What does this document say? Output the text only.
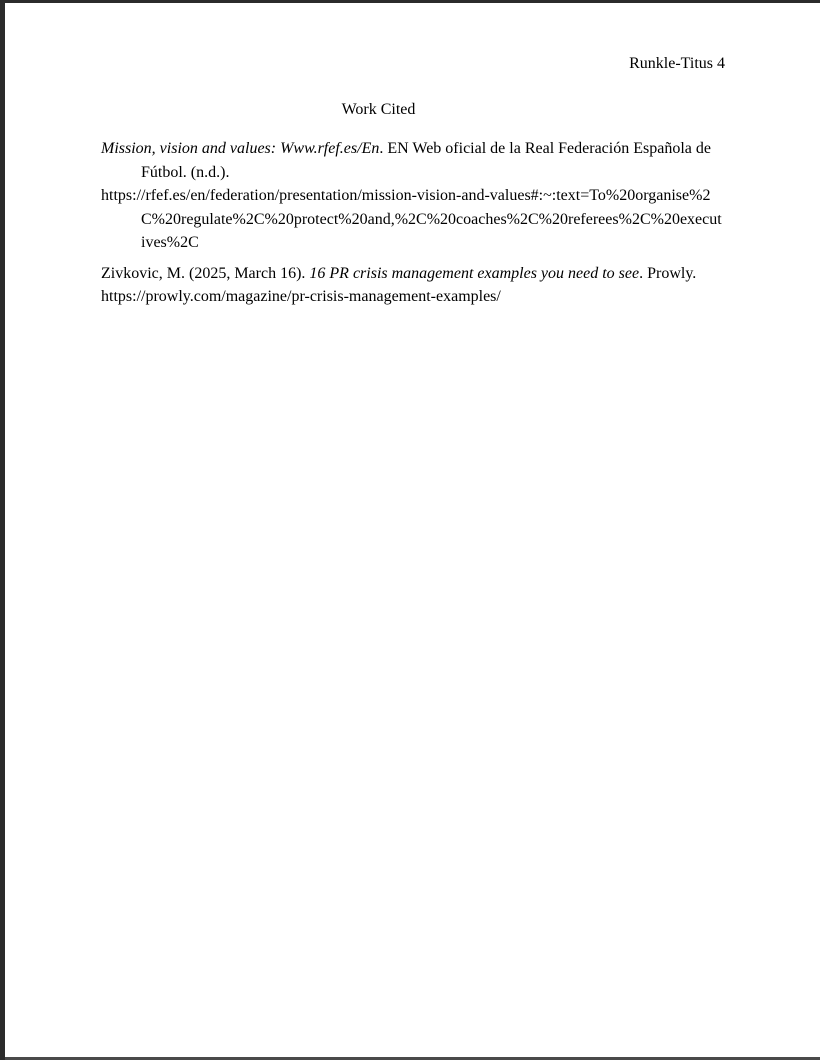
Runkle-Titus 4
Work Cited

Mission, vision and values: Www.rfef.es/En. EN Web oficial de la Real Federación Española de Fútbol. (n.d.).
https://rfef.es/en/federation/presentation/mission-vision-and-values#:~:text=To%20organise%2C%20regulate%2C%20protect%20and,%2C%20coaches%2C%20referees%2C%20executives%2C

Zivkovic, M. (2025, March 16). 16 PR crisis management examples you need to see. Prowly.
https://prowly.com/magazine/pr-crisis-management-examples/
